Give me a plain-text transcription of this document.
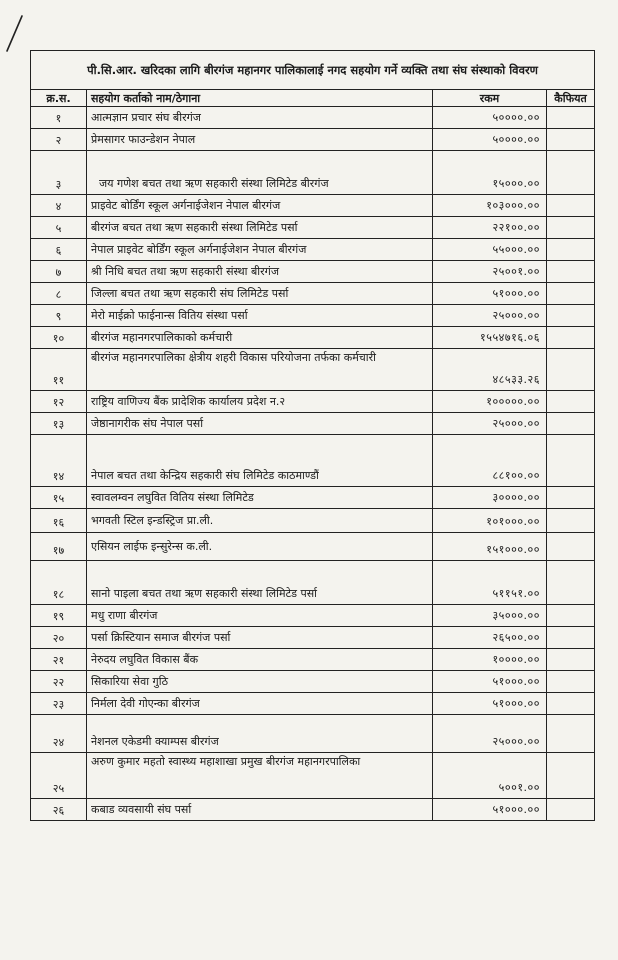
पी.सि.आर. खरिदका लागि बीरगंज महानगर पालिकालाई नगद सहयोग गर्ने व्यक्ति तथा संघ संस्थाको विवरण			
क्र.स.	सहयोग कर्ताको नाम/ठेगाना	रकम	कैफियत
१	आत्मज्ञान प्रचार संघ बीरगंज	५००००.००	
२	प्रेमसागर फाउन्डेशन नेपाल	५००००.००	
३	जय गणेश बचत तथा ऋण सहकारी संस्था लिमिटेड बीरगंज	१५०००.००	
४	प्राइवेट बोर्डिंग स्कूल अर्गनाईजेशन नेपाल बीरगंज	१०३०००.००	
५	बीरगंज बचत तथा ऋण सहकारी संस्था लिमिटेड पर्सा	२२१००.००	
६	नेपाल प्राइवेट बोर्डिंग स्कूल अर्गनाईजेशन नेपाल बीरगंज	५५०००.००	
७	श्री निधि बचत तथा ऋण सहकारी संस्था बीरगंज	२५००१.००	
८	जिल्ला बचत तथा ऋण सहकारी संघ लिमिटेड पर्सा	५१०००.००	
९	मेरो माईक्रो फाईनान्स वितिय संस्था पर्सा	२५०००.००	
१०	बीरगंज महानगरपालिकाको कर्मचारी	१५५४७१६.०६	
११	बीरगंज महानगरपालिका क्षेत्रीय शहरी विकास परियोजना तर्फका कर्मचारी	४८५३३.२६	
१२	राष्ट्रिय वाणिज्य बैंक प्रादेशिक कार्यालय प्रदेश न.२	१०००००.००	
१३	जेष्ठानागरीक संघ नेपाल पर्सा	२५०००.००	
१४	नेपाल बचत तथा केन्द्रिय सहकारी संघ लिमिटेड काठमाण्डौं	८८१००.००	
१५	स्वावलम्वन लघुवित वितिय संस्था लिमिटेड	३००००.००	
१६	भगवती स्टिल इन्डस्ट्रिज प्रा.ली.	१०१०००.००	
१७	एसियन लाईफ इन्सुरेन्स क.ली.	१५१०००.००	
१८	सानो पाइला बचत तथा ऋण सहकारी संस्था लिमिटेड पर्सा	५११५१.००	
१९	मधु राणा बीरगंज	३५०००.००	
२०	पर्सा क्रिस्टियान समाज बीरगंज पर्सा	२६५००.००	
२१	नेरुदय लघुवित विकास बैंक	१००००.००	
२२	सिकारिया सेवा गुठि	५१०००.००	
२३	निर्मला देवी गोएन्का बीरगंज	५१०००.००	
२४	नेशनल एकेडमी क्याम्पस बीरगंज	२५०००.००	
२५	अरुण कुमार महतो स्वास्थ्य महाशाखा प्रमुख बीरगंज महानगरपालिका	५००१.००	
२६	कबाड व्यवसायी संघ पर्सा	५१०००.००	
